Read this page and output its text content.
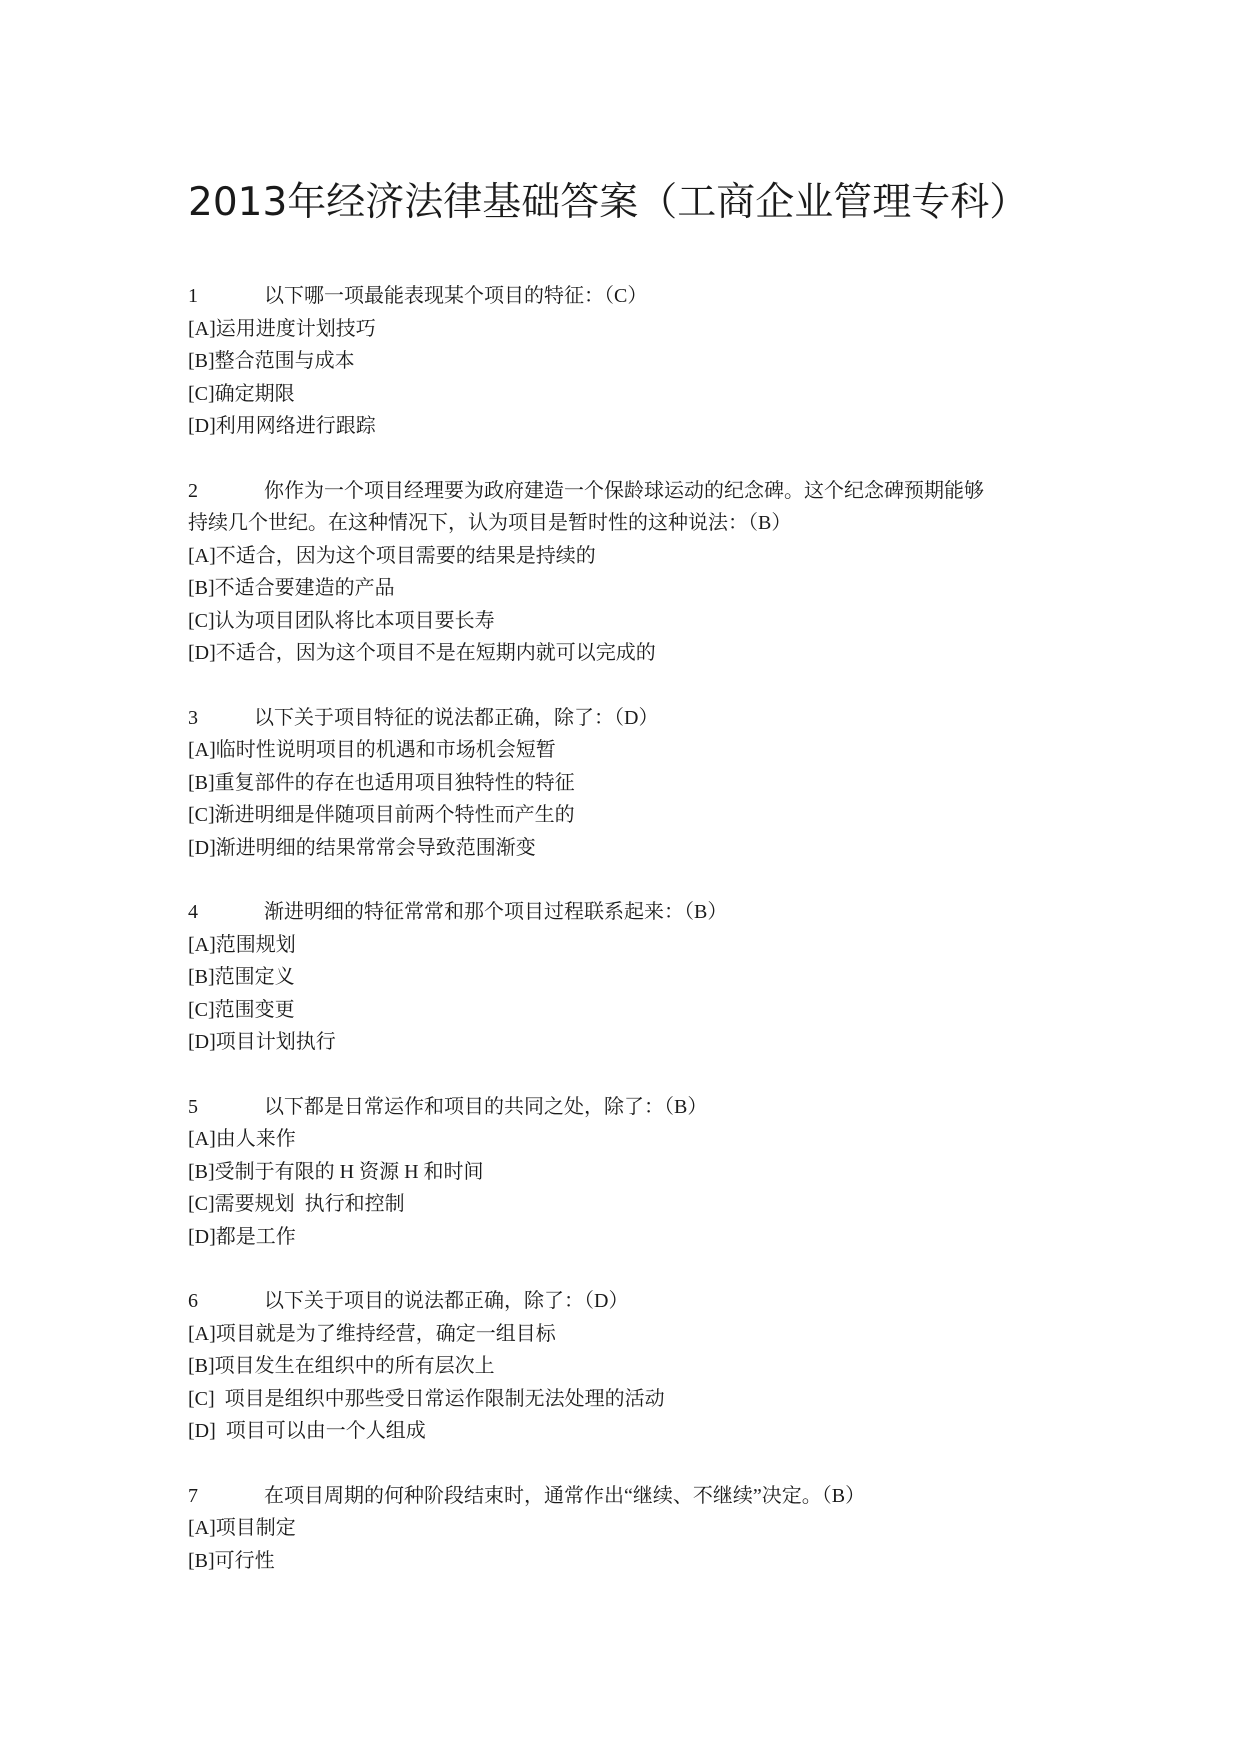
2013年经济法律基础答案（工商企业管理专科）
1	以下哪一项最能表现某个项目的特征：（C）
[A]运用进度计划技巧
[B]整合范围与成本
[C]确定期限
[D]利用网络进行跟踪
2	你作为一个项目经理要为政府建造一个保龄球运动的纪念碑。这个纪念碑预期能够
持续几个世纪。在这种情况下，认为项目是暂时性的这种说法：（B）
[A]不适合，因为这个项目需要的结果是持续的
[B]不适合要建造的产品
[C]认为项目团队将比本项目要长寿
[D]不适合，因为这个项目不是在短期内就可以完成的
3	以下关于项目特征的说法都正确，除了：（D）
[A]临时性说明项目的机遇和市场机会短暂
[B]重复部件的存在也适用项目独特性的特征
[C]渐进明细是伴随项目前两个特性而产生的
[D]渐进明细的结果常常会导致范围渐变
4	渐进明细的特征常常和那个项目过程联系起来：（B）
[A]范围规划
[B]范围定义
[C]范围变更
[D]项目计划执行
5	以下都是日常运作和项目的共同之处，除了：（B）
[A]由人来作
[B]受制于有限的 H 资源 H 和时间
[C]需要规划  执行和控制
[D]都是工作
6	以下关于项目的说法都正确，除了：（D）
[A]项目就是为了维持经营，确定一组目标
[B]项目发生在组织中的所有层次上
[C]  项目是组织中那些受日常运作限制无法处理的活动
[D]  项目可以由一个人组成
7	在项目周期的何种阶段结束时，通常作出“继续、不继续”决定。（B）
[A]项目制定
[B]可行性
